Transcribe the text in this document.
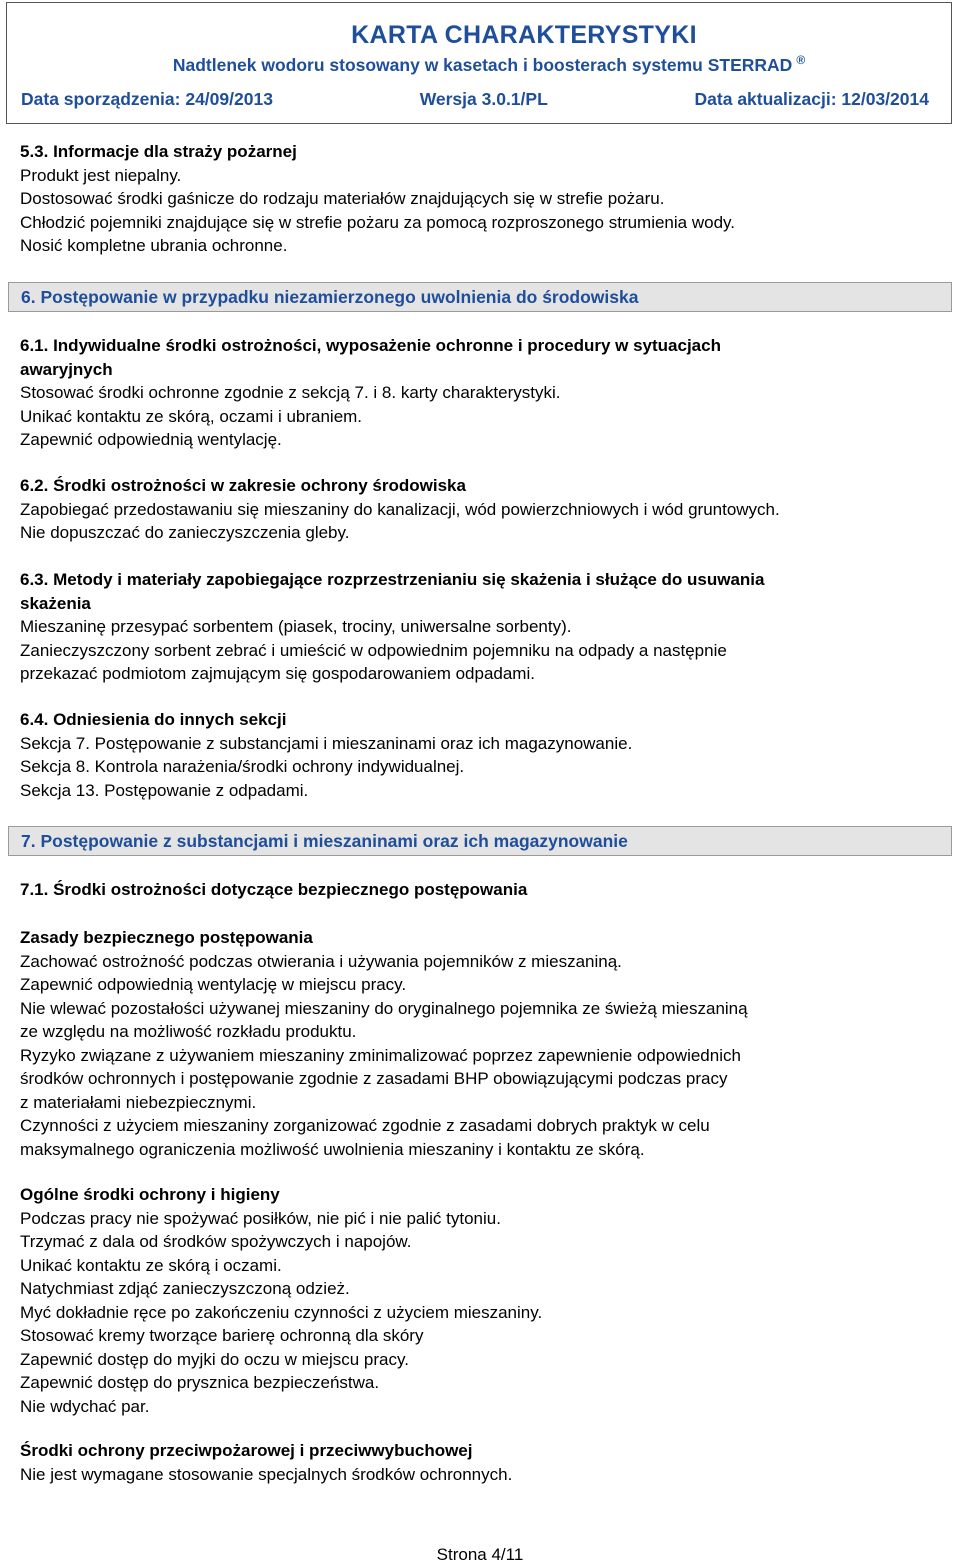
KARTA CHARAKTERYSTYKI
Nadtlenek wodoru stosowany w kasetach i boosterach systemu STERRAD ®
Data sporządzenia: 24/09/2013	Wersja 3.0.1/PL	Data aktualizacji: 12/03/2014
5.3. Informacje dla straży pożarnej
Produkt jest niepalny.
Dostosować środki gaśnicze do rodzaju materiałów znajdujących się w strefie pożaru.
Chłodzić pojemniki znajdujące się w strefie pożaru za pomocą rozproszonego strumienia wody.
Nosić kompletne ubrania ochronne.
6. Postępowanie w przypadku niezamierzonego uwolnienia do środowiska
6.1. Indywidualne środki ostrożności, wyposażenie ochronne i procedury w sytuacjach
awaryjnych
Stosować środki ochronne zgodnie z sekcją 7. i 8. karty charakterystyki.
Unikać kontaktu ze skórą, oczami i ubraniem.
Zapewnić odpowiednią wentylację.
6.2. Środki ostrożności w zakresie ochrony środowiska
Zapobiegać przedostawaniu się mieszaniny do kanalizacji, wód powierzchniowych i wód gruntowych.
Nie dopuszczać do zanieczyszczenia gleby.
6.3. Metody i materiały zapobiegające rozprzestrzenianiu się skażenia i służące do usuwania
skażenia
Mieszaninę przesypać sorbentem (piasek, trociny, uniwersalne sorbenty).
Zanieczyszczony sorbent zebrać i umieścić w odpowiednim pojemniku na odpady a następnie
przekazać podmiotom zajmującym się gospodarowaniem odpadami.
6.4. Odniesienia do innych sekcji
Sekcja 7. Postępowanie z substancjami i mieszaninami oraz ich magazynowanie.
Sekcja 8. Kontrola narażenia/środki ochrony indywidualnej.
Sekcja 13. Postępowanie z odpadami.
7. Postępowanie z substancjami i mieszaninami oraz ich magazynowanie
7.1. Środki ostrożności dotyczące bezpiecznego postępowania
Zasady bezpiecznego postępowania
Zachować ostrożność podczas otwierania i używania pojemników z mieszaniną.
Zapewnić odpowiednią wentylację w miejscu pracy.
Nie wlewać pozostałości używanej mieszaniny do oryginalnego pojemnika ze świeżą mieszaniną
ze względu na możliwość rozkładu produktu.
Ryzyko związane z używaniem mieszaniny zminimalizować poprzez zapewnienie odpowiednich
środków ochronnych i postępowanie zgodnie z zasadami BHP obowiązującymi podczas pracy
z materiałami niebezpiecznymi.
Czynności z użyciem mieszaniny zorganizować zgodnie z zasadami dobrych praktyk w celu
maksymalnego ograniczenia możliwość uwolnienia mieszaniny i kontaktu ze skórą.
Ogólne środki ochrony i higieny
Podczas pracy nie spożywać posiłków, nie pić i nie palić tytoniu.
Trzymać z dala od środków spożywczych i napojów.
Unikać kontaktu ze skórą i oczami.
Natychmiast zdjąć zanieczyszczoną odzież.
Myć dokładnie ręce po zakończeniu czynności z użyciem mieszaniny.
Stosować kremy tworzące barierę ochronną dla skóry
Zapewnić dostęp do myjki do oczu w miejscu pracy.
Zapewnić dostęp do prysznica bezpieczeństwa.
Nie wdychać par.
Środki ochrony przeciwpożarowej i przeciwwybuchowej
Nie jest wymagane stosowanie specjalnych środków ochronnych.
Strona 4/11
